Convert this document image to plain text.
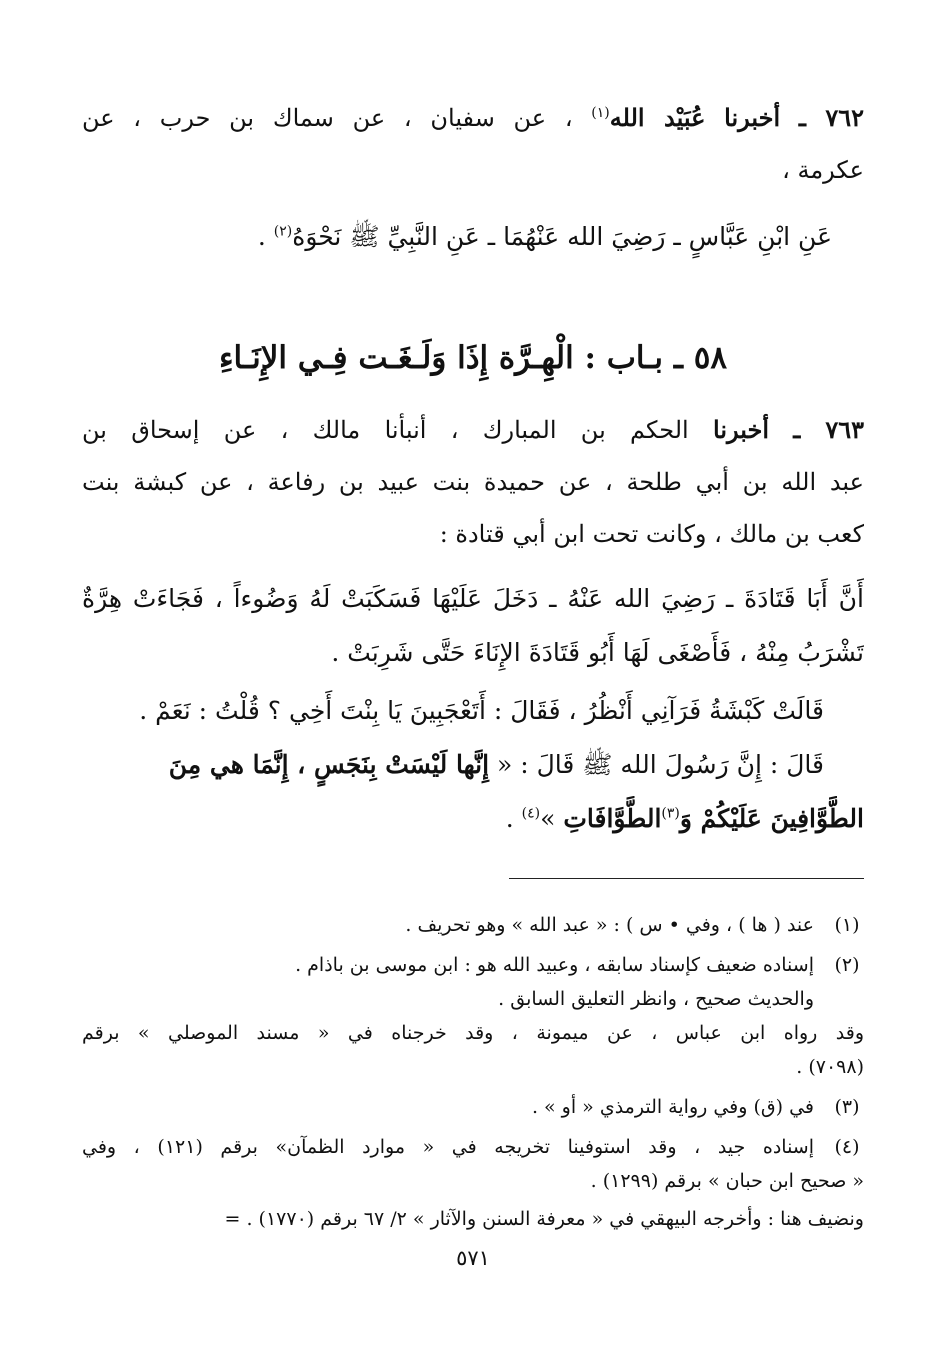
٧٦٢ ـ أخبرنا عُبَيْد الله$^{(١)}$ ، عن سفيان ، عن سماك بن حرب ، عن
عكرمة ،
عَنِ ابْنِ عَبَّاسٍ ـ رَضِيَ الله عَنْهُمَا ـ عَنِ النَّبِيِّ ﷺ نَحْوَهُ$^{(٢)}$ .
٥٨ ـ بـاب : الْهِـرَّة إِذَا وَلَـغَـت فِـي الإِنَـاءِ
٧٦٣ ـ أخبرنا الحكم بن المبارك ، أنبأنا مالك ، عن إسحاق بن
عبد الله بن أبي طلحة ، عن حميدة بنت عبيد بن رفاعة ، عن كبشة بنت
كعب بن مالك ، وكانت تحت ابن أبي قتادة :
أَنَّ أَبَا قَتَادَةَ ـ رَضِيَ الله عَنْهُ ـ دَخَلَ عَلَيْهَا فَسَكَبَتْ لَهُ وَضُوءاً ، فَجَاءَتْ هِرَّةٌ
تَشْرَبُ مِنْهُ ، فَأَصْغَى لَهَا أَبُو قَتَادَةَ الإِنَاءَ حَتَّى شَرِبَتْ .
قَالَتْ كَبْشَةُ فَرَآنِي أَنْظُرُ ، فَقَالَ : أَتَعْجَبِينَ يَا بِنْتَ أَخِي ؟ قُلْتُ : نَعَمْ .
قَالَ : إِنَّ رَسُولَ الله ﷺ قَالَ : « إِنَّها لَيْسَتْ بِنَجَسٍ ، إِنَّمَا هي مِنَ
الطَّوَّافِينَ عَلَيْكُمْ وَ$^{(٣)}$الطَّوَّافَاتِ »$^{(٤)}$ .
(١)
عند ( ها ) ، وفي • س ) : « عبد الله » وهو تحريف .
(٢)
إسناده ضعيف كإسناد سابقه ، وعبيد الله هو : ابن موسى بن باذام .
والحديث صحيح ، وانظر التعليق السابق .
وقد رواه ابن عباس ، عن ميمونة ، وقد خرجناه في « مسند الموصلي » برقم
(٧٠٩٨) .
(٣)
في (ق) وفي رواية الترمذي « أو » .
(٤)
إسناده جيد ، وقد استوفينا تخريجه في « موارد الظمآن» برقم (١٢١) ، وفي
« صحيح ابن حبان » برقم (١٢٩٩) .
ونضيف هنا : وأخرجه البيهقي في « معرفة السنن والآثار » ٢/ ٦٧ برقم (١٧٧٠) . =
٥٧١
